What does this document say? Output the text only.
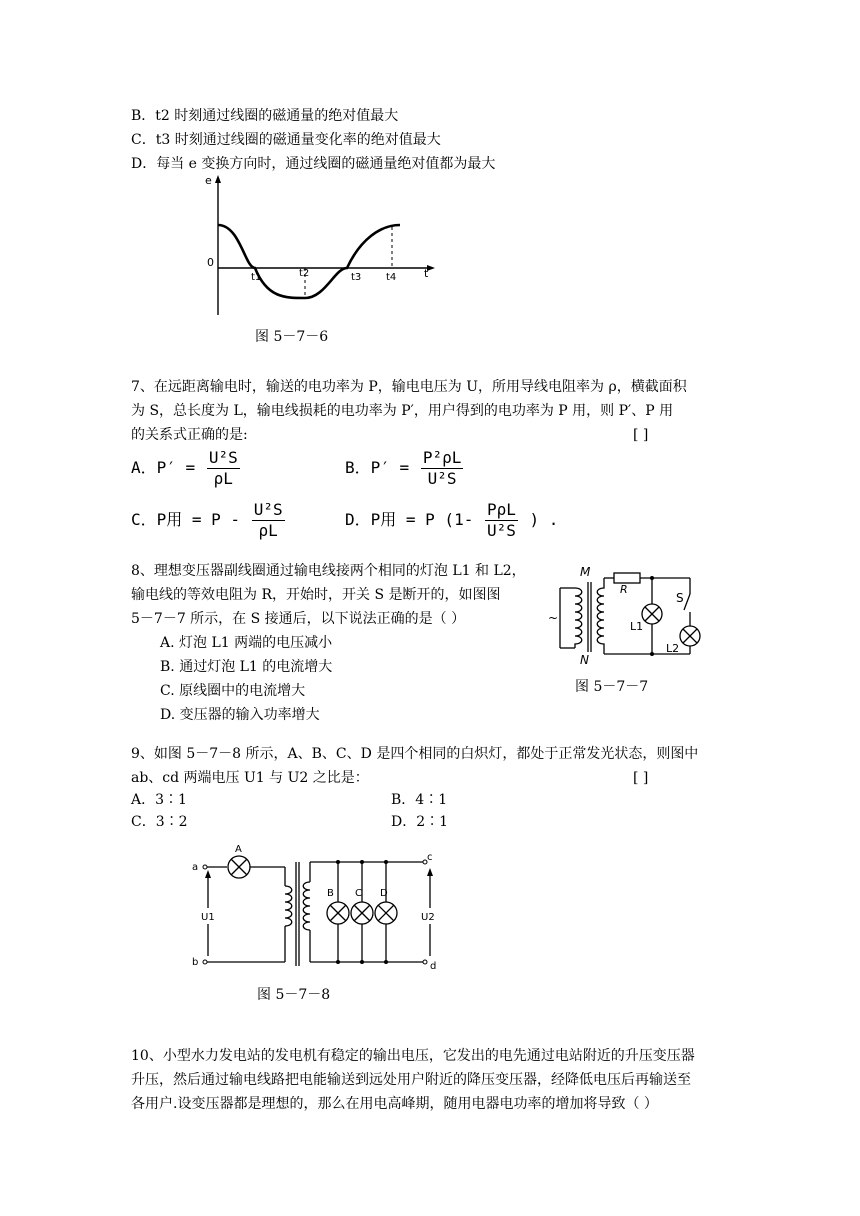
B．t2 时刻通过线圈的磁通量的绝对值最大
C．t3 时刻通过线圈的磁通量变化率的绝对值最大
D．每当 e 变换方向时，通过线圈的磁通量绝对值都为最大
e
0
t
t1	t2	t3 t4
图 5－7－6
7、在远距离输电时，输送的电功率为 P，输电电压为 U，所用导线电阻率为 ρ，横截面积
为 S，总长度为 L，输电线损耗的电功率为 P′，用户得到的电功率为 P 用，则 P′、P 用
的关系式正确的是:	[ ]
A．$P' = \frac{\text{U²S}}{\rho L}$	B．$P' = \frac{\text{P²ρL}}{\text{U²S}}$
C．P用 = P - $\frac{\text{U²S}}{\rho L}$	D．P用 = P ($1- \frac{\text{PρL}}{\text{U²S}}$ ) .
8、理想变压器副线圈通过输电线接两个相同的灯泡 L1 和 L2，
输电线的等效电阻为 R，开始时，开关 S 是断开的，如图图
5－7－7 所示，在 S 接通后，以下说法正确的是（ ）
A. 灯泡 L1 两端的电压减小
B. 通过灯泡 L1 的电流增大
C. 原线圈中的电流增大
D. 变压器的输入功率增大
~
M
N
R
S
L1
L2
图 5－7－7
9、如图 5－7－8 所示，A、B、C、D 是四个相同的白炽灯，都处于正常发光状态，则图中
ab、cd 两端电压 U1 与 U2 之比是：	[ ]
A．3∶1	B．4∶1
C．3∶2	D．2∶1
a
b
c
d
A
B C D
U1	U2
图 5－7－8
10、小型水力发电站的发电机有稳定的输出电压，它发出的电先通过电站附近的升压变压器
升压，然后通过输电线路把电能输送到远处用户附近的降压变压器，经降低电压后再输送至
各用户.设变压器都是理想的，那么在用电高峰期，随用电器电功率的增加将导致（ ）
